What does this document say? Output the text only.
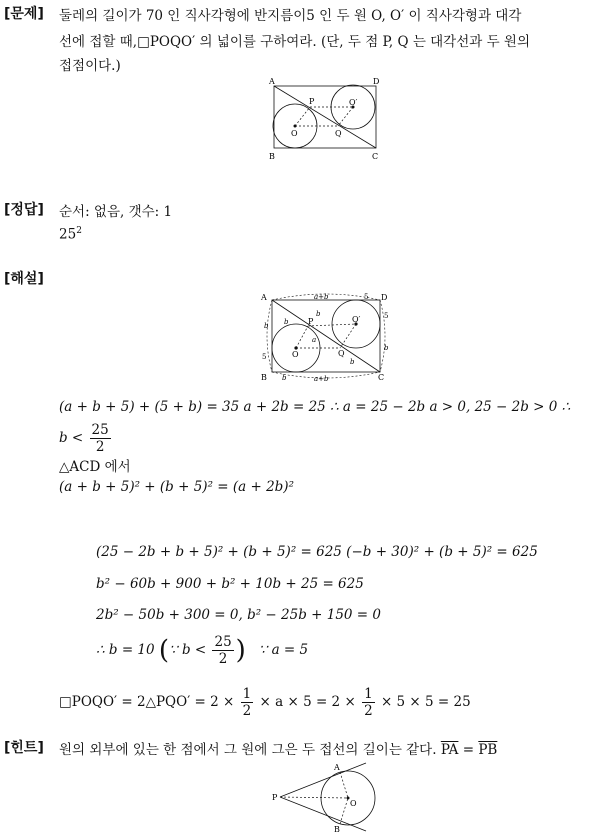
[문제] 둘레의 길이가 70 인 직사각형에 반지름이5 인 두 원 O, O′ 이 직사각형과 대각
선에 접할 때,□POQO′ 의 넓이를 구하여라. (단, 두 점 P, Q 는 대각선과 두 원의
접점이다.)
A	D
B	C
P
Q
O
O′
[정답] 순서: 없음, 갯수: 1
$25^2$
[해설]
A	D
B	C
P
Q
O
O′
a+b	5
a+b
5
5
b b
b
b
b
b
a
(a + b + 5) + (5 + b) = 35 a + 2b = 25 ∴ a = 25 − 2b a > 0, 25 − 2b > 0 ∴
$b < \frac{25}{2}$
△ACD 에서
(a + b + 5)² + (b + 5)² = (a + 2b)²
(25 − 2b + b + 5)² + (b + 5)² = 625 (−b + 30)² + (b + 5)² = 625
b² − 60b + 900 + b² + 10b + 25 = 625
2b² − 50b + 300 = 0, b² − 25b + 150 = 0
∴ b = 10 (∵ $b < \frac{25}{2}$ ) ∵ a = 5
□POQO′ = 2△PQO′ = $2 \times \frac{1}{2} \times a \times 5 = 2 \times \frac{1}{2} \times 5 \times 5 = 25$
[힌트] 원의 외부에 있는 한 점에서 그 원에 그은 두 접선의 길이는 같다. $\overline{PA} = \overline{PB}$
A
B
P
O
